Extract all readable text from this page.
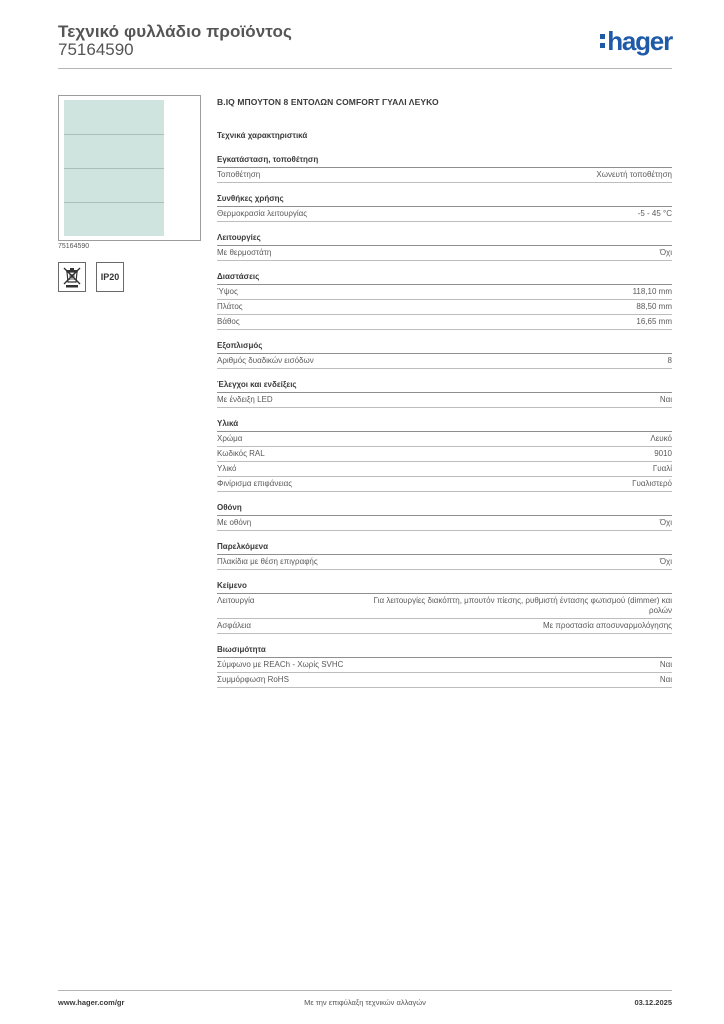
Τεχνικό φυλλάδιο προϊόντος
75164590	hager
75164590
IP20
B.IQ ΜΠΟΥΤΟΝ 8 ΕΝΤΟΛΩΝ COMFORT ΓΥΑΛΙ ΛΕΥΚΟ
Τεχνικά χαρακτηριστικά
Εγκατάσταση, τοποθέτηση
Τοποθέτηση	Χωνευτή τοποθέτηση
Συνθήκες χρήσης
Θερμοκρασία λειτουργίας	-5 - 45 °C
Λειτουργίες
Με θερμοστάτη	Όχι
Διαστάσεις
Ύψος	118,10 mm
Πλάτος	88,50 mm
Βάθος	16,65 mm
Εξοπλισμός
Αριθμός δυαδικών εισόδων	8
Έλεγχοι και ενδείξεις
Με ένδειξη LED	Ναι
Υλικά
Χρώμα	Λευκό
Κωδικός RAL	9010
Υλικό	Γυαλί
Φινίρισμα επιφάνειας	Γυαλιστερό
Οθόνη
Με οθόνη	Όχι
Παρελκόμενα
Πλακίδια με θέση επιγραφής	Όχι
Κείμενο
Λειτουργία	Για λειτουργίες διακόπτη, μπουτόν πίεσης, ρυθμιστή έντασης φωτισμού (dimmer) και ρολών
Ασφάλεια	Με προστασία αποσυναρμολόγησης
Βιωσιμότητα
Σύμφωνο με REACh - Χωρίς SVHC	Ναι
Συμμόρφωση RoHS	Ναι
www.hager.com/gr	Με την επιφύλαξη τεχνικών αλλαγών	03.12.2025
